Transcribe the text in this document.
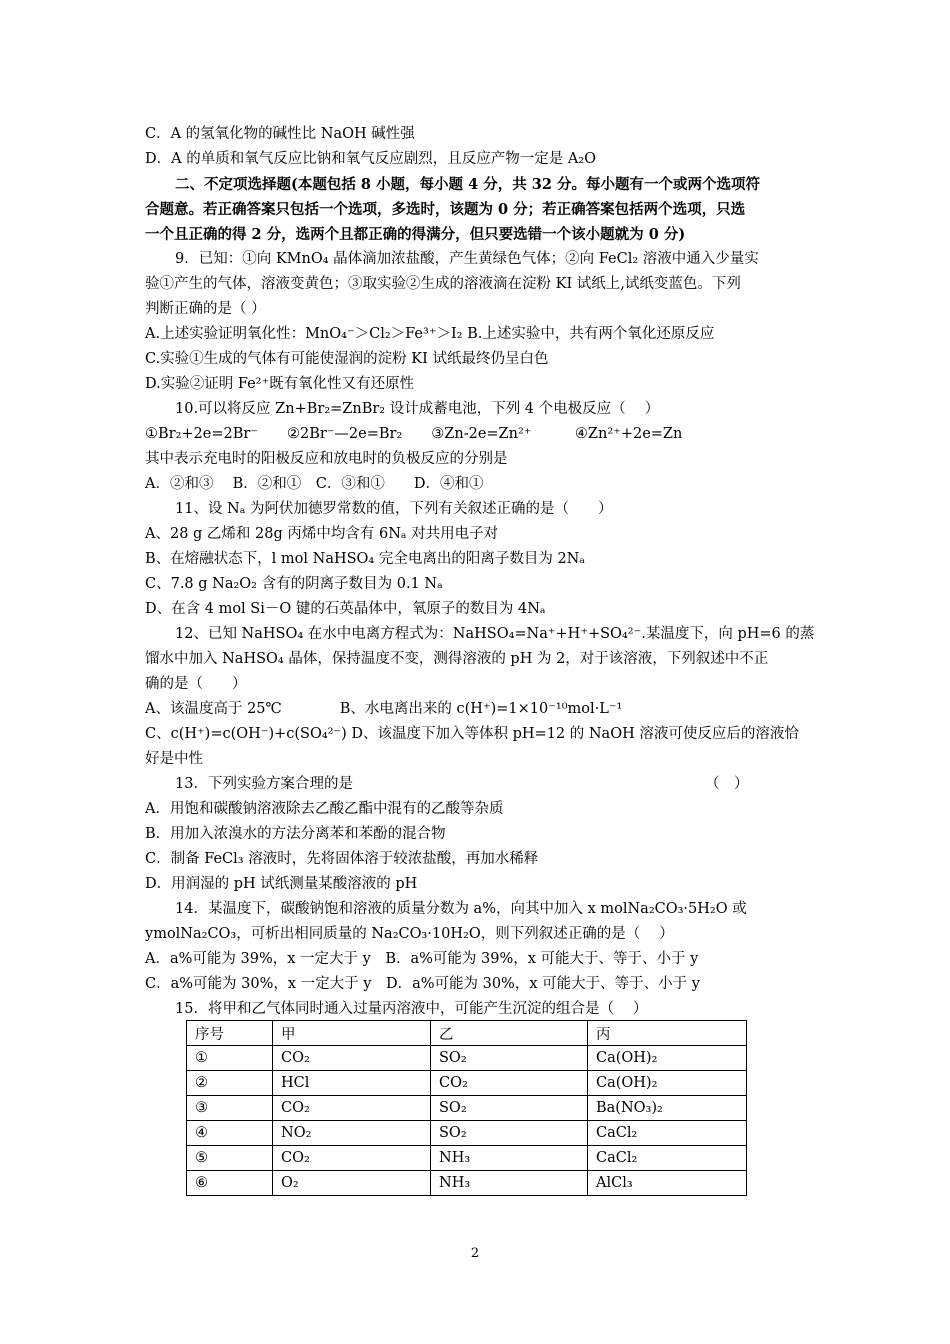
C．A 的氢氧化物的碱性比 NaOH 碱性强
D．A 的单质和氧气反应比钠和氧气反应剧烈，且反应产物一定是 A₂O
二、不定项选择题(本题包括 8 小题，每小题 4 分，共 32 分。每小题有一个或两个选项符
合题意。若正确答案只包括一个选项，多选时，该题为 0 分；若正确答案包括两个选项，只选
一个且正确的得 2 分，选两个且都正确的得满分，但只要选错一个该小题就为 0 分)
9．已知：①向 KMnO₄ 晶体滴加浓盐酸，产生黄绿色气体；②向 FeCl₂ 溶液中通入少量实
验①产生的气体，溶液变黄色；③取实验②生成的溶液滴在淀粉 KI 试纸上,试纸变蓝色。下列
判断正确的是（ ）
A.上述实验证明氧化性：MnO₄⁻＞Cl₂＞Fe³⁺＞I₂ B.上述实验中，共有两个氧化还原反应
C.实验①生成的气体有可能使湿润的淀粉 KI 试纸最终仍呈白色
D.实验②证明 Fe²⁺既有氧化性又有还原性
10.可以将反应 Zn+Br₂=ZnBr₂ 设计成蓄电池，下列 4 个电极反应（　 ）
①Br₂+2e=2Br⁻　　②2Br⁻—2e=Br₂　　③Zn-2e=Zn²⁺　　　④Zn²⁺+2e=Zn
其中表示充电时的阳极反应和放电时的负极反应的分别是
A．②和③　 B．②和①　C．③和①　　D．④和①
11、设 Nₐ 为阿伏加德罗常数的值，下列有关叙述正确的是（　　）
A、28 g 乙烯和 28g 丙烯中均含有 6Nₐ 对共用电子对
B、在熔融状态下，l mol NaHSO₄ 完全电离出的阳离子数目为 2Nₐ
C、7.8 g Na₂O₂ 含有的阴离子数目为 0.1 Nₐ
D、在含 4 mol Si－O 键的石英晶体中，氧原子的数目为 4Nₐ
12、已知 NaHSO₄ 在水中电离方程式为：NaHSO₄=Na⁺+H⁺+SO₄²⁻.某温度下，向 pH=6 的蒸
馏水中加入 NaHSO₄ 晶体，保持温度不变，测得溶液的 pH 为 2，对于该溶液，下列叙述中不正
确的是（　　）
A、该温度高于 25℃　　　　B、水电离出来的 c(H⁺)=1×10⁻¹⁰mol·L⁻¹
C、c(H⁺)=c(OH⁻)+c(SO₄²⁻) D、该温度下加入等体积 pH=12 的 NaOH 溶液可使反应后的溶液恰
好是中性
13．下列实验方案合理的是	（　）
A．用饱和碳酸钠溶液除去乙酸乙酯中混有的乙酸等杂质
B．用加入浓溴水的方法分离苯和苯酚的混合物
C．制备 FeCl₃ 溶液时，先将固体溶于较浓盐酸，再加水稀释
D．用润湿的 pH 试纸测量某酸溶液的 pH
14．某温度下，碳酸钠饱和溶液的质量分数为 a%，向其中加入 x molNa₂CO₃·5H₂O 或
ymolNa₂CO₃，可析出相同质量的 Na₂CO₃·10H₂O，则下列叙述正确的是（　 ）
A．a%可能为 39%，x 一定大于 y　B．a%可能为 39%，x 可能大于、等于、小于 y
C．a%可能为 30%，x 一定大于 y　D．a%可能为 30%，x 可能大于、等于、小于 y
15．将甲和乙气体同时通入过量丙溶液中，可能产生沉淀的组合是（　 ）
序号	甲	乙	丙
①	CO₂	SO₂	Ca(OH)₂
②	HCl	CO₂	Ca(OH)₂
③	CO₂	SO₂	Ba(NO₃)₂
④	NO₂	SO₂	CaCl₂
⑤	CO₂	NH₃	CaCl₂
⑥	O₂	NH₃	AlCl₃
2
